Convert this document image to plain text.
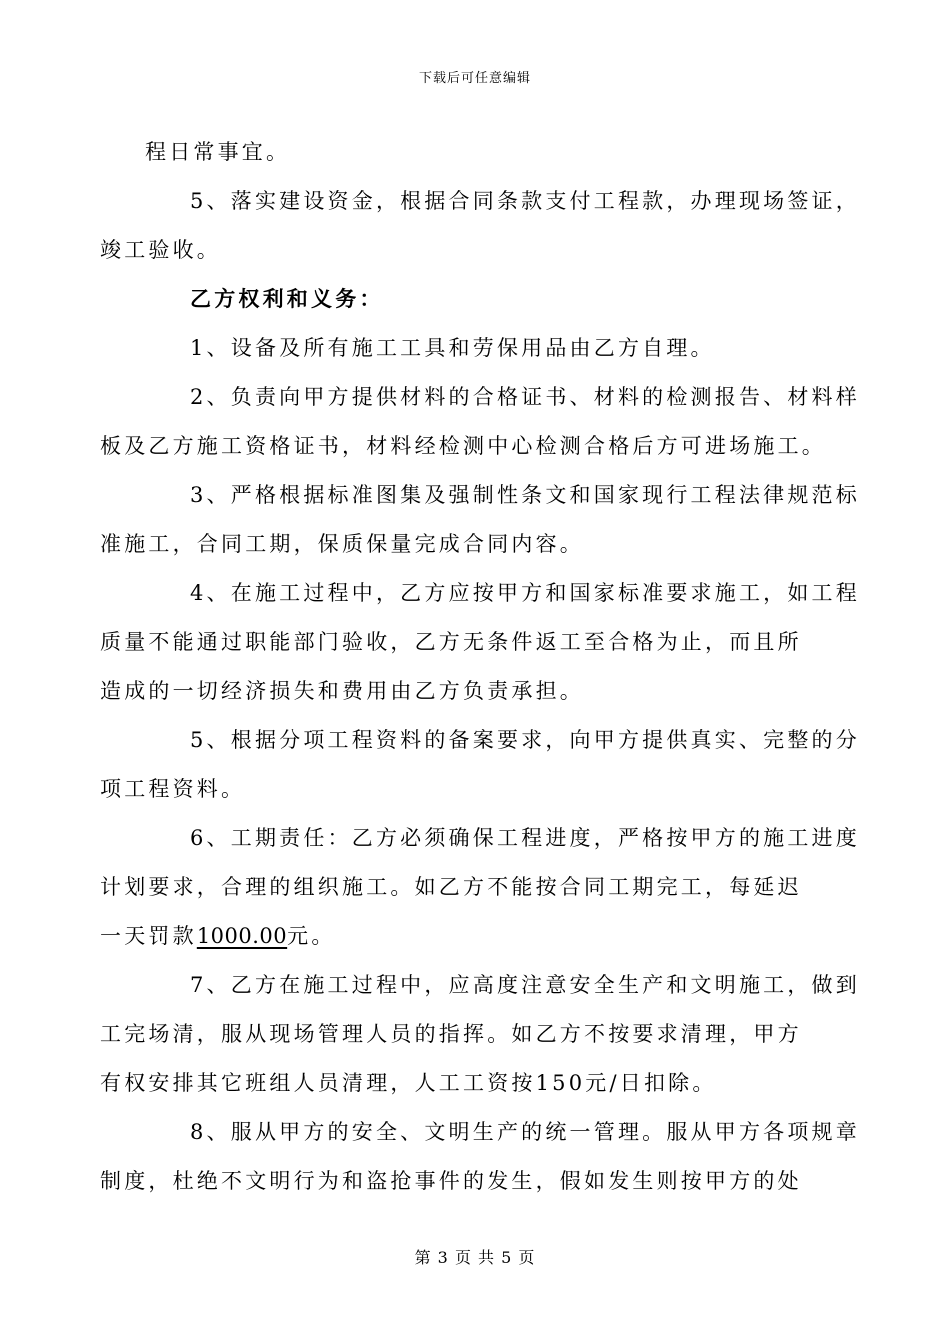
下载后可任意编辑

程日常事宜。

5、落实建设资金，根据合同条款支付工程款，办理现场签证，
竣工验收。

乙方权利和义务：

1、设备及所有施工工具和劳保用品由乙方自理。

2、负责向甲方提供材料的合格证书、材料的检测报告、材料样
板及乙方施工资格证书，材料经检测中心检测合格后方可进场施工。

3、严格根据标准图集及强制性条文和国家现行工程法律规范标
准施工，合同工期，保质保量完成合同内容。

4、在施工过程中，乙方应按甲方和国家标准要求施工，如工程
质量不能通过职能部门验收，乙方无条件返工至合格为止，而且所
造成的一切经济损失和费用由乙方负责承担。

5、根据分项工程资料的备案要求，向甲方提供真实、完整的分
项工程资料。

6、工期责任：乙方必须确保工程进度，严格按甲方的施工进度
计划要求，合理的组织施工。如乙方不能按合同工期完工，每延迟
一天罚款1000.00元。

7、乙方在施工过程中，应高度注意安全生产和文明施工，做到
工完场清，服从现场管理人员的指挥。如乙方不按要求清理，甲方
有权安排其它班组人员清理，人工工资按150元/日扣除。

8、服从甲方的安全、文明生产的统一管理。服从甲方各项规章
制度，杜绝不文明行为和盗抢事件的发生，假如发生则按甲方的处

第 3 页 共 5 页
